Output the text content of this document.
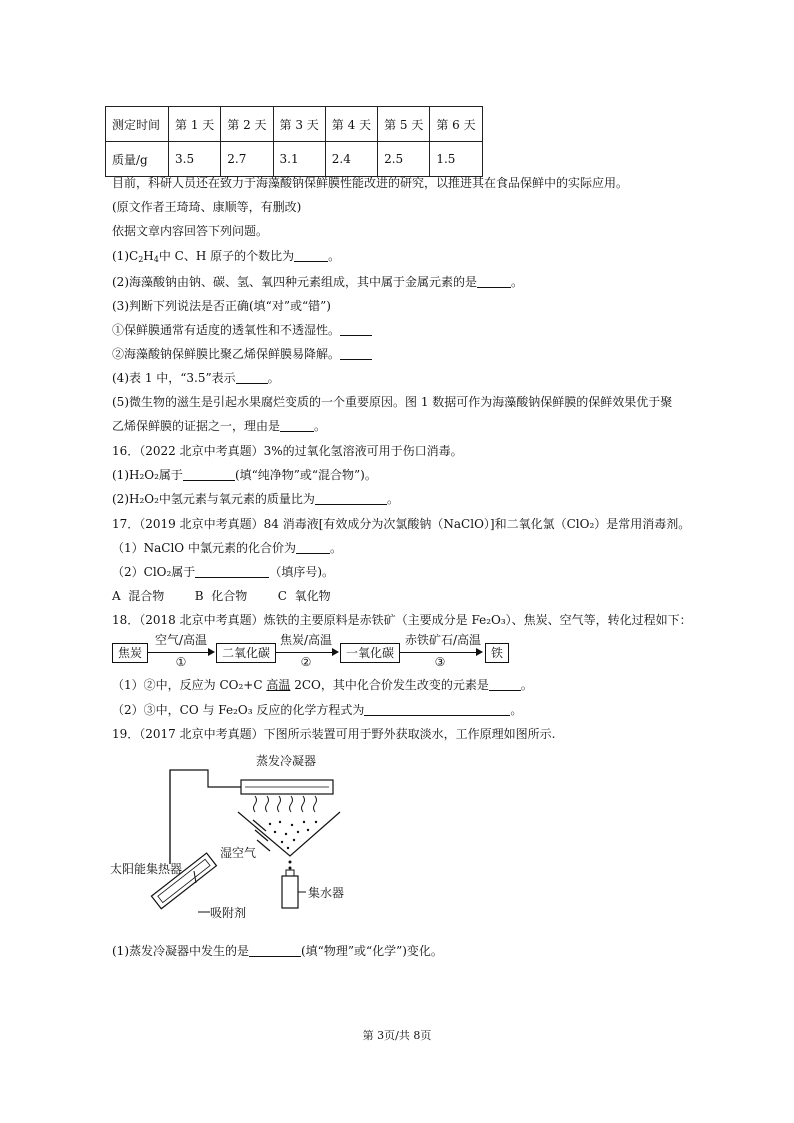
测定时间	第 1 天	第 2 天	第 3 天	第 4 天	第 5 天	第 6 天
质量/g	3.5	2.7	3.1	2.4	2.5	1.5
目前，科研人员还在致力于海藻酸钠保鲜膜性能改进的研究，以推进其在食品保鲜中的实际应用。
(原文作者王琦琦、康顺等，有删改)
依据文章内容回答下列问题。
$(1)C_2H_4$中 C、H 原子的个数比为	。
(2)海藻酸钠由钠、碳、氢、氧四种元素组成，其中属于金属元素的是	。
(3)判断下列说法是否正确(填“对”或“错”)
①保鲜膜通常有适度的透氧性和不透湿性。
②海藻酸钠保鲜膜比聚乙烯保鲜膜易降解。
(4)表 1 中，“3.5”表示	。
(5)微生物的滋生是引起水果腐烂变质的一个重要原因。图 1 数据可作为海藻酸钠保鲜膜的保鲜效果优于聚
乙烯保鲜膜的证据之一，理由是	。
16．（2022 北京中考真题）3%的过氧化氢溶液可用于伤口消毒。
(1)H₂O₂属于	(填“纯净物”或“混合物”)。
(2)H₂O₂中氢元素与氧元素的质量比为	。
17．（2019 北京中考真题）84 消毒液[有效成分为次氯酸钠（NaClO）]和二氧化氯（ClO₂）是常用消毒剂。
（1）NaClO 中氯元素的化合价为	。
（2）ClO₂属于	（填序号)。
A  混合物        B  化合物        C  氧化物
18．（2018 北京中考真题）炼铁的主要原料是赤铁矿（主要成分是 Fe₂O₃）、焦炭、空气等，转化过程如下：
焦炭
空气/高温
①
二氧化碳
焦炭/高温
②
一氧化碳
赤铁矿石/高温
③
铁
（1）②中，反应为 CO₂+C 高温 2CO，其中化合价发生改变的元素是	。
（2）③中，CO 与 Fe₂O₃ 反应的化学方程式为	。
19．（2017 北京中考真题）下图所示装置可用于野外获取淡水，工作原理如图所示.
蒸发冷凝器
湿空气
太阳能集热器
集水器
吸附剂
(1)蒸发冷凝器中发生的是	(填“物理”或“化学”)变化。
第 3页/共 8页
